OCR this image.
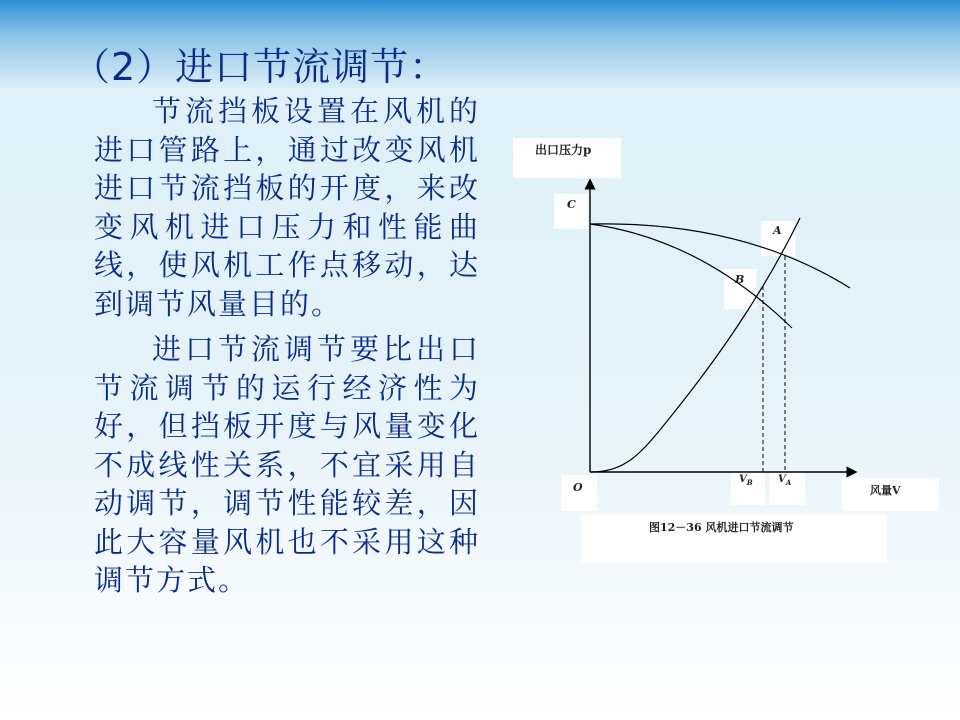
（2）进口节流调节：

节流挡板设置在风机的进口管路上，通过改变风机进口节流挡板的开度，来改变风机进口压力和性能曲线，使风机工作点移动，达到调节风量目的。

进口节流调节要比出口节流调节的运行经济性为好，但挡板开度与风量变化不成线性关系，不宜采用自动调节，调节性能较差，因此大容量风机也不采用这种调节方式。

出口压力p
C
A
B
O
$V_B$	$V_A$
风量V
图12－36 风机进口节流调节
